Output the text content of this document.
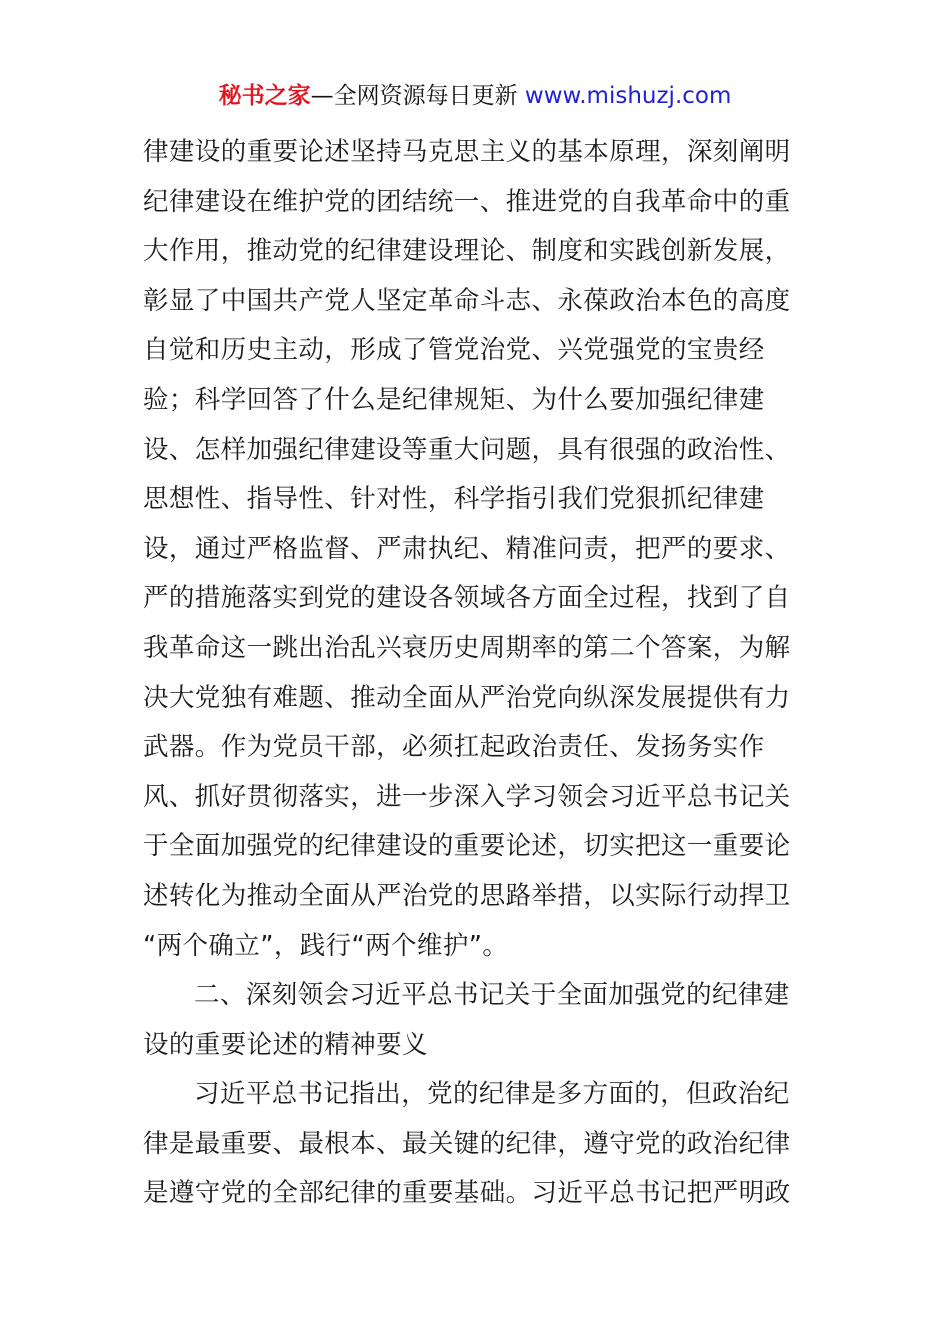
秘书之家—全网资源每日更新 www.mishuzj.com
律建设的重要论述坚持马克思主义的基本原理，深刻阐明
纪律建设在维护党的团结统一、推进党的自我革命中的重
大作用，推动党的纪律建设理论、制度和实践创新发展，
彰显了中国共产党人坚定革命斗志、永葆政治本色的高度
自觉和历史主动，形成了管党治党、兴党强党的宝贵经
验；科学回答了什么是纪律规矩、为什么要加强纪律建
设、怎样加强纪律建设等重大问题，具有很强的政治性、
思想性、指导性、针对性，科学指引我们党狠抓纪律建
设，通过严格监督、严肃执纪、精准问责，把严的要求、
严的措施落实到党的建设各领域各方面全过程，找到了自
我革命这一跳出治乱兴衰历史周期率的第二个答案，为解
决大党独有难题、推动全面从严治党向纵深发展提供有力
武器。作为党员干部，必须扛起政治责任、发扬务实作
风、抓好贯彻落实，进一步深入学习领会习近平总书记关
于全面加强党的纪律建设的重要论述，切实把这一重要论
述转化为推动全面从严治党的思路举措，以实际行动捍卫
“两个确立”，践行“两个维护”。
二、深刻领会习近平总书记关于全面加强党的纪律建
设的重要论述的精神要义
习近平总书记指出，党的纪律是多方面的，但政治纪
律是最重要、最根本、最关键的纪律，遵守党的政治纪律
是遵守党的全部纪律的重要基础。习近平总书记把严明政
